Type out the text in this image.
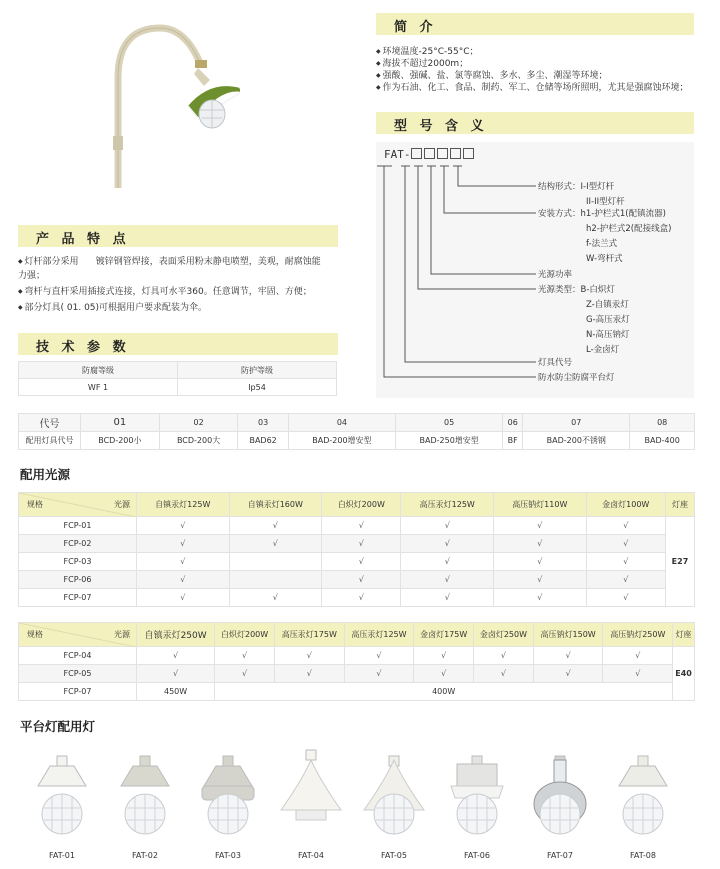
简 介
◆ 环境温度-25°C-55°C；
◆ 海拔不超过2000m；
◆ 强酸、强碱、盐、氯等腐蚀、多水、多尘、潮湿等环境；
◆ 作为石油、化工、食品、制药、军工、仓储等场所照明，尤其是强腐蚀环境；
型 号 含 义
FAT-
结构形式：I-I型灯杆
II-II型灯杆
安装方式：h1-护栏式1(配镇流器)
h2-护栏式2(配接线盒)
f-法兰式
W-弯杆式
光源功率
光源类型：B-白炽灯
Z-自镇汞灯
G-高压汞灯
N-高压钠灯
L-金卤灯
灯具代号
防水防尘防腐平台灯
产 品 特 点
◆ 灯杆部分采用      镀锌钢管焊接，表面采用粉末静电喷塑，美观，耐腐蚀能
力强；
◆ 弯杆与直杆采用插接式连接，灯具可水平360。任意调节，牢固、方便；
◆ 部分灯具( 01. 05)可根据用户要求配装为伞。
技 术 参 数
防腐等级	防护等级
WF 1	Ip54
代号	01	02	03	04	05	06	07	08
配用灯具代号	BCD-200小	BCD-200大	BAD62	BAD-200增安型	BAD-250增安型	BF	BAD-200不锈钢	BAD-400
配用光源
规格 光源	自镇汞灯125W	自镇汞灯160W	白炽灯200W	高压汞灯125W	高压钠灯110W	金卤灯100W	灯座
FCP-01	√	√	√	√	√	√	E27
FCP-02	√	√	√	√	√	√	
FCP-03	√		√	√	√	√	
FCP-06	√		√	√	√	√	
FCP-07	√	√	√	√	√	√	
规格 光源	自镇汞灯250W	白炽灯200W	高压汞灯175W	高压汞灯125W	金卤灯175W	金卤灯250W	高压钠灯150W	高压钠灯250W	灯座
FCP-04	√	√	√	√	√	√	√	√	E40
FCP-05	√	√	√	√	√	√	√	√	
FCP-07	450W	400W							
平台灯配用灯
FAT-01	FAT-02	FAT-03	FAT-04	FAT-05	FAT-06	FAT-07	FAT-08
